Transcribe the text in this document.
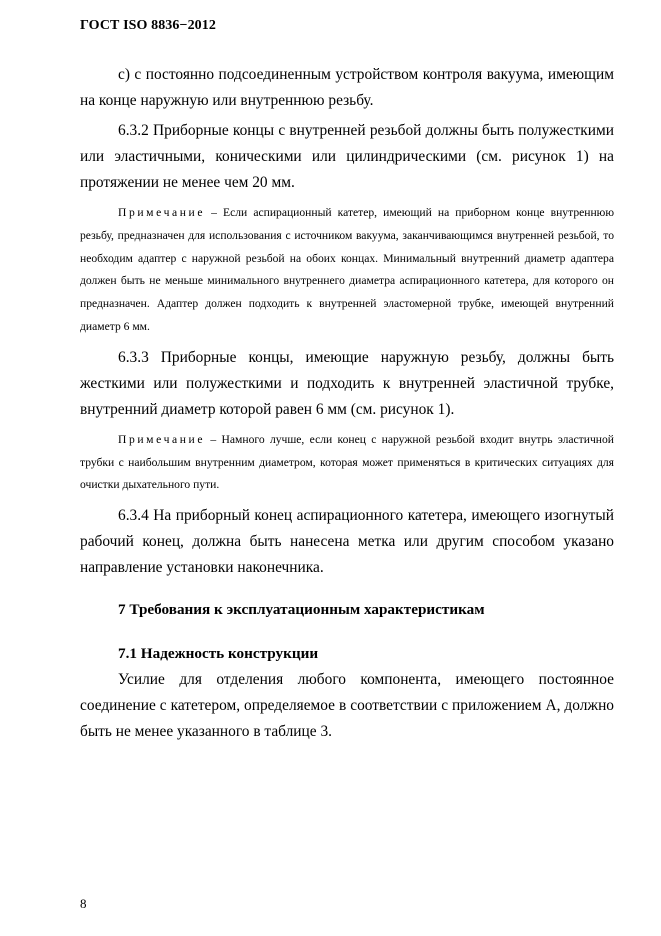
ГОСТ ISO 8836−2012

с) с постоянно подсоединенным устройством контроля вакуума, имеющим на конце наружную или внутреннюю резьбу.

6.3.2 Приборные концы с внутренней резьбой должны быть полужесткими или эластичными, коническими или цилиндрическими (см. рисунок 1) на протяжении не менее чем 20 мм.

Примечание – Если аспирационный катетер, имеющий на приборном конце внутреннюю резьбу, предназначен для использования с источником вакуума, заканчивающимся внутренней резьбой, то необходим адаптер с наружной резьбой на обоих концах. Минимальный внутренний диаметр адаптера должен быть не меньше минимального внутреннего диаметра аспирационного катетера, для которого он предназначен. Адаптер должен подходить к внутренней эластомерной трубке, имеющей внутренний диаметр 6 мм.

6.3.3 Приборные концы, имеющие наружную резьбу, должны быть жесткими или полужесткими и подходить к внутренней эластичной трубке, внутренний диаметр которой равен 6 мм (см. рисунок 1).

Примечание – Намного лучше, если конец с наружной резьбой входит внутрь эластичной трубки с наибольшим внутренним диаметром, которая может применяться в критических ситуациях для очистки дыхательного пути.

6.3.4 На приборный конец аспирационного катетера, имеющего изогнутый рабочий конец, должна быть нанесена метка или другим способом указано направление установки наконечника.

7 Требования к эксплуатационным характеристикам

7.1 Надежность конструкции

Усилие для отделения любого компонента, имеющего постоянное соединение с катетером, определяемое в соответствии с приложением А, должно быть не менее указанного в таблице 3.

8
